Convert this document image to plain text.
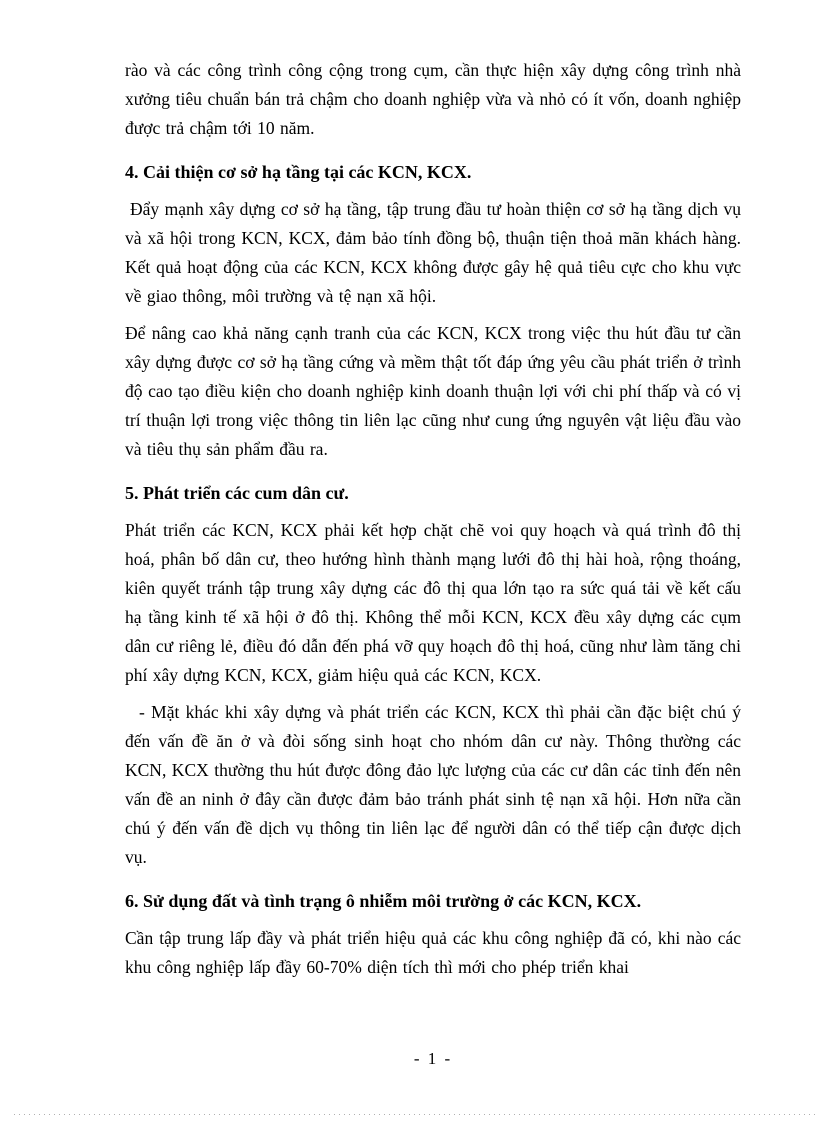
rào và các công trình công cộng trong cụm, cần thực hiện xây dựng công trình nhà xưởng tiêu chuẩn bán trả chậm cho doanh nghiệp vừa và nhỏ có ít vốn, doanh nghiệp được trả chậm tới 10 năm.

4. Cải thiện cơ sở hạ tầng tại các KCN, KCX.

Đẩy mạnh xây dựng cơ sở hạ tầng, tập trung đầu tư hoàn thiện cơ sở hạ tầng dịch vụ và xã hội trong KCN, KCX, đảm bảo tính đồng bộ, thuận tiện thoả mãn khách hàng. Kết quả hoạt động của các KCN, KCX không được gây hệ quả tiêu cực cho khu vực về giao thông, môi trường và tệ nạn xã hội.

Để nâng cao khả năng cạnh tranh của các KCN, KCX trong việc thu hút đầu tư cần xây dựng được cơ sở hạ tầng cứng và mềm thật tốt đáp ứng yêu cầu phát triển ở trình độ cao tạo điều kiện cho doanh nghiệp kinh doanh thuận lợi với chi phí thấp và có vị trí thuận lợi trong việc thông tin liên lạc cũng như cung ứng nguyên vật liệu đầu vào và tiêu thụ sản phẩm đầu ra.

5. Phát triển các cum dân cư.

Phát triển các KCN, KCX phải kết hợp chặt chẽ voi quy hoạch và quá trình đô thị hoá, phân bố dân cư, theo hướng hình thành mạng lưới đô thị hài hoà, rộng thoáng, kiên quyết tránh tập trung xây dựng các đô thị qua lớn tạo ra sức quá tải về kết cấu hạ tầng kinh tế xã hội ở đô thị. Không thể mỗi KCN, KCX đều xây dựng các cụm dân cư riêng lẻ, điều đó dẫn đến phá vỡ quy hoạch đô thị hoá, cũng như làm tăng chi phí xây dựng KCN, KCX, giảm hiệu quả các KCN, KCX.

- Mặt khác khi xây dựng và phát triển các KCN, KCX thì phải cần đặc biệt chú ý đến vấn đề ăn ở và đòi sống sinh hoạt cho nhóm dân cư này. Thông thường các KCN, KCX thường thu hút được đông đảo lực lượng của các cư dân các tỉnh đến nên vấn đề an ninh ở đây cần được đảm bảo tránh phát sinh tệ nạn xã hội. Hơn nữa cần chú ý đến vấn đề dịch vụ thông tin liên lạc để người dân có thể tiếp cận được dịch vụ.

6. Sử dụng đất và tình trạng ô nhiễm môi trường ở các KCN, KCX.

Cần tập trung lấp đầy và phát triển hiệu quả các khu công nghiệp đã có, khi nào các khu công nghiệp lấp đầy 60-70% diện tích thì mới cho phép triển khai

- 1 -
